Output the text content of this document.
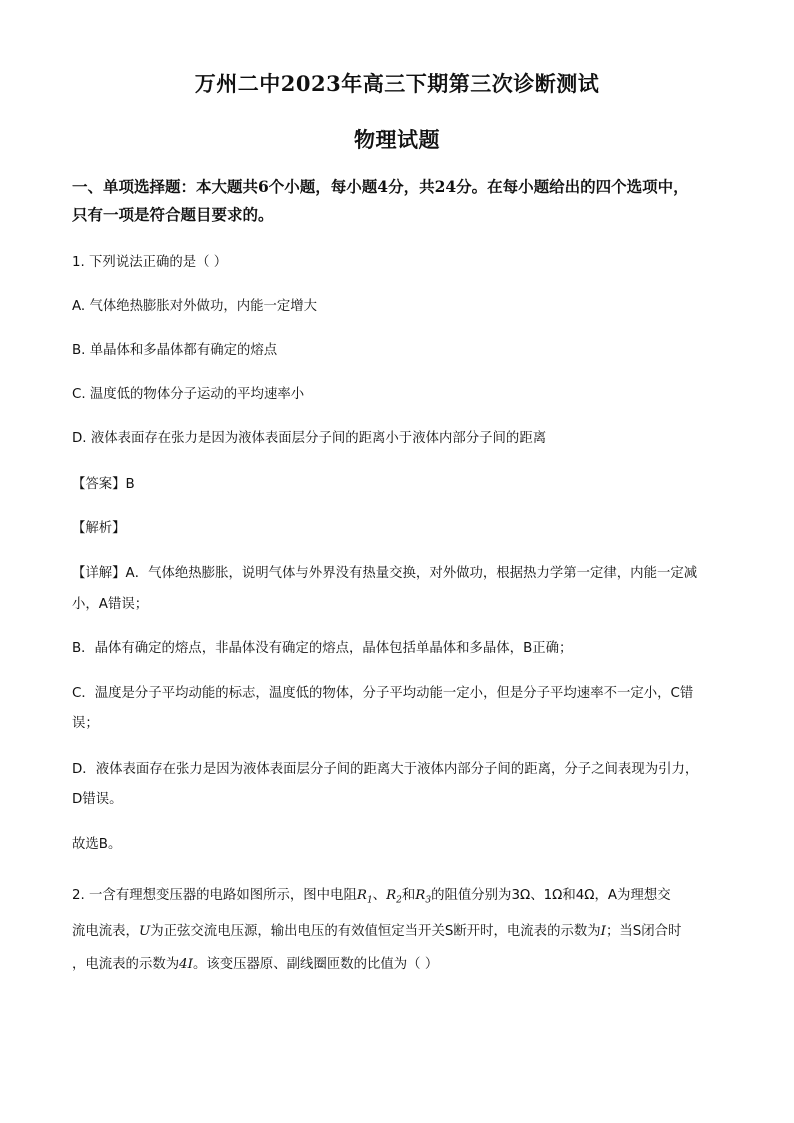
万州二中2023年高三下期第三次诊断测试
物理试题
一、单项选择题：本大题共6个小题，每小题4分，共24分。在每小题给出的四个选项中，
只有一项是符合题目要求的。
1. 下列说法正确的是（ ）
A. 气体绝热膨胀对外做功，内能一定增大
B. 单晶体和多晶体都有确定的熔点
C. 温度低的物体分子运动的平均速率小
D. 液体表面存在张力是因为液体表面层分子间的距离小于液体内部分子间的距离
【答案】B
【解析】
【详解】A．气体绝热膨胀，说明气体与外界没有热量交换，对外做功，根据热力学第一定律，内能一定减
小，A错误；
B．晶体有确定的熔点，非晶体没有确定的熔点，晶体包括单晶体和多晶体，B正确；
C．温度是分子平均动能的标志，温度低的物体，分子平均动能一定小，但是分子平均速率不一定小，C错
误；
D．液体表面存在张力是因为液体表面层分子间的距离大于液体内部分子间的距离，分子之间表现为引力，
D错误。
故选B。
2. 一含有理想变压器的电路如图所示，图中电阻$R_1$、$R_2$和$R_3$的阻值分别为3Ω、1Ω和4Ω，A为理想交
流电流表，U为正弦交流电压源，输出电压的有效值恒定当开关S断开时，电流表的示数为I；当S闭合时
，电流表的示数为4I。该变压器原、副线圈匝数的比值为（ ）
